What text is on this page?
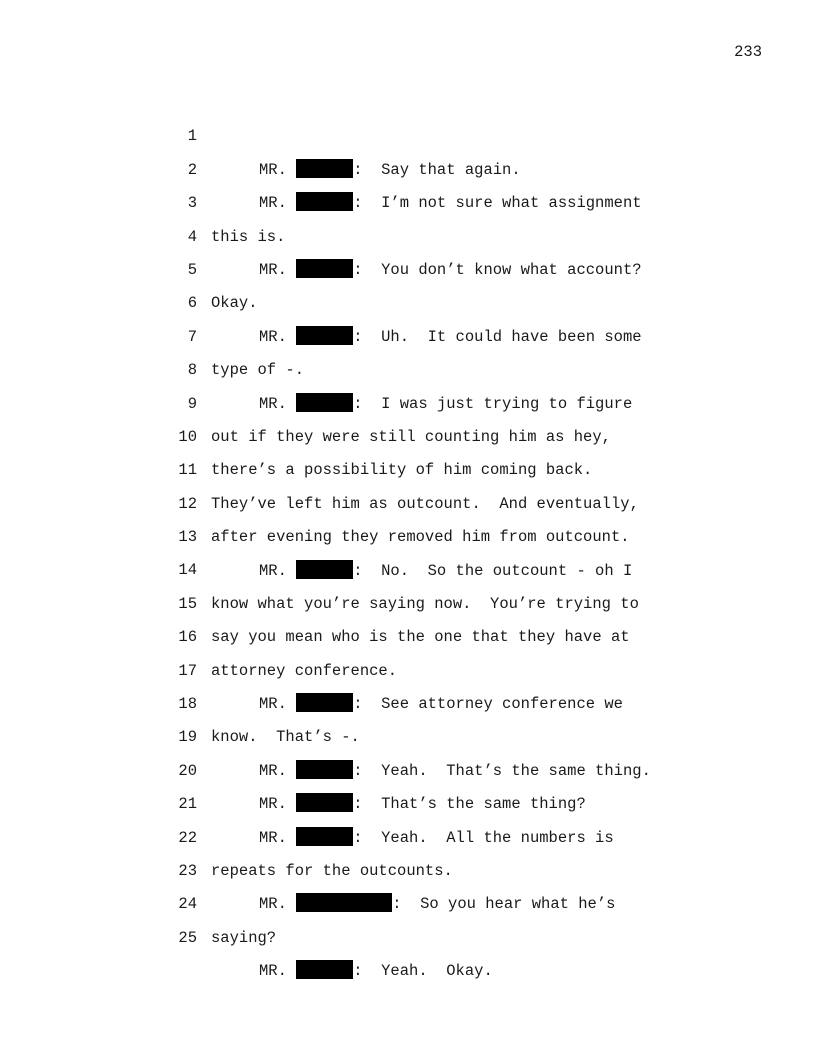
233

1

MR.	:  Say that again.

2

MR.	:  I’m not sure what assignment

3

this is.

4

MR.	:  You don’t know what account?

5

Okay.

6

MR.	:  Uh.  It could have been some

7

type of -.

8

MR.	:  I was just trying to figure

9

out if they were still counting him as hey,

10

there’s a possibility of him coming back.

11

They’ve left him as outcount.  And eventually,

12

after evening they removed him from outcount.

13

MR.	:  No.  So the outcount - oh I

14

know what you’re saying now.  You’re trying to

15

say you mean who is the one that they have at

16

attorney conference.

17

MR.	:  See attorney conference we

18

know.  That’s -.

19

MR.	:  Yeah.  That’s the same thing.

20

MR.	:  That’s the same thing?

21

MR.	:  Yeah.  All the numbers is

22

repeats for the outcounts.

23

MR.	:  So you hear what he’s

24

saying?

25

MR.	:  Yeah.  Okay.
